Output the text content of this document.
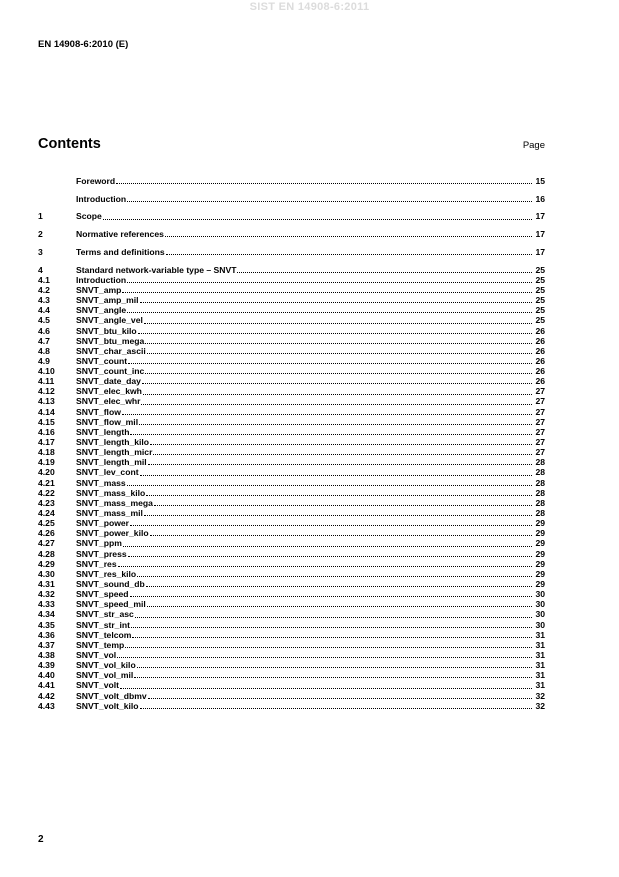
SIST EN 14908-6:2011
EN 14908-6:2010 (E)
Contents	Page
Foreword	15
Introduction	16
1	Scope	17
2	Normative references	17
3	Terms and definitions	17
4	Standard network-variable type – SNVT	25
4.1	Introduction	25
4.2	SNVT_amp	25
4.3	SNVT_amp_mil	25
4.4	SNVT_angle	25
4.5	SNVT_angle_vel	25
4.6	SNVT_btu_kilo	26
4.7	SNVT_btu_mega	26
4.8	SNVT_char_ascii	26
4.9	SNVT_count	26
4.10	SNVT_count_inc	26
4.11	SNVT_date_day	26
4.12	SNVT_elec_kwh	27
4.13	SNVT_elec_whr	27
4.14	SNVT_flow	27
4.15	SNVT_flow_mil	27
4.16	SNVT_length	27
4.17	SNVT_length_kilo	27
4.18	SNVT_length_micr	27
4.19	SNVT_length_mil	28
4.20	SNVT_lev_cont	28
4.21	SNVT_mass	28
4.22	SNVT_mass_kilo	28
4.23	SNVT_mass_mega	28
4.24	SNVT_mass_mil	28
4.25	SNVT_power	29
4.26	SNVT_power_kilo	29
4.27	SNVT_ppm	29
4.28	SNVT_press	29
4.29	SNVT_res	29
4.30	SNVT_res_kilo	29
4.31	SNVT_sound_db	29
4.32	SNVT_speed	30
4.33	SNVT_speed_mil	30
4.34	SNVT_str_asc	30
4.35	SNVT_str_int	30
4.36	SNVT_telcom	31
4.37	SNVT_temp	31
4.38	SNVT_vol	31
4.39	SNVT_vol_kilo	31
4.40	SNVT_vol_mil	31
4.41	SNVT_volt	31
4.42	SNVT_volt_dbmv	32
4.43	SNVT_volt_kilo	32
2
